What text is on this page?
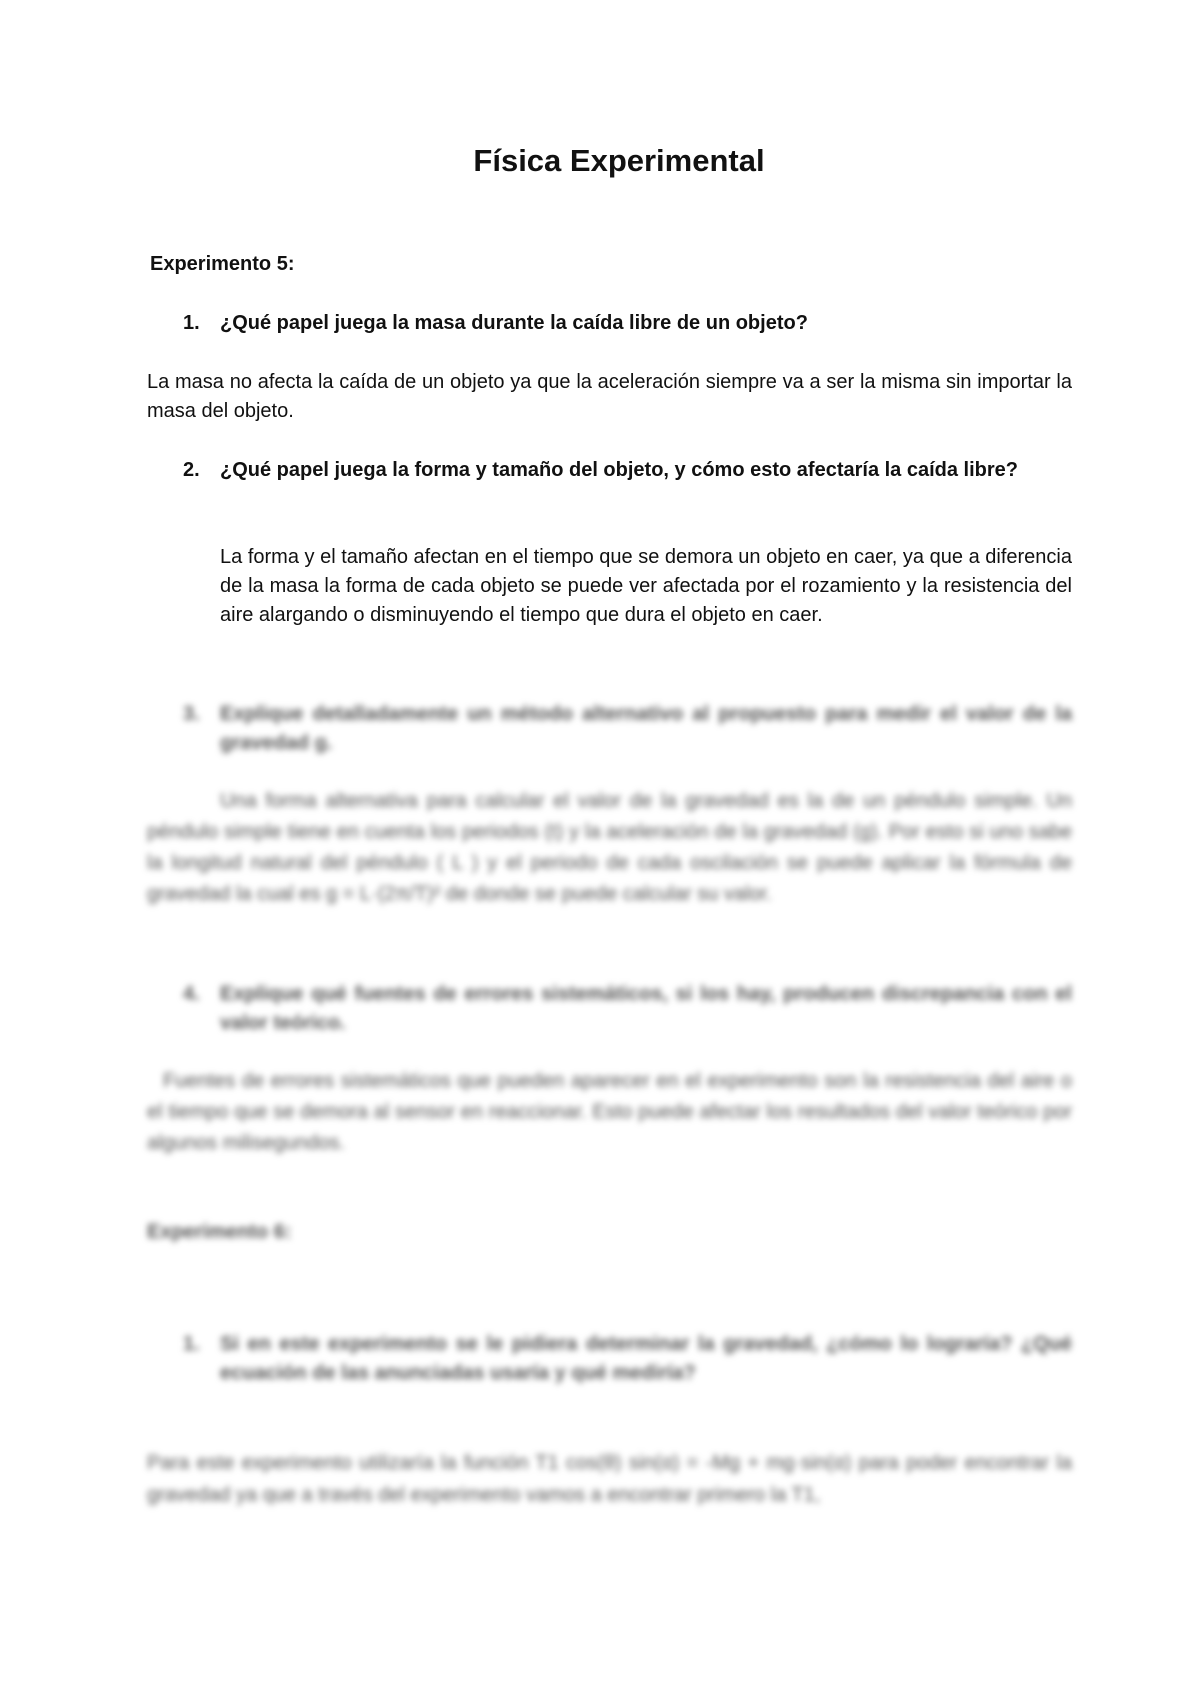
Física Experimental

Experimento 5:

1. ¿Qué papel juega la masa durante la caída libre de un objeto?

La masa no afecta la caída de un objeto ya que la aceleración siempre va a ser la misma sin importar la masa del objeto.

2. ¿Qué papel juega la forma y tamaño del objeto, y cómo esto afectaría la caída libre?

La forma y el tamaño afectan en el tiempo que se demora un objeto en caer, ya que a diferencia de la masa la forma de cada objeto se puede ver afectada por el rozamiento y la resistencia del aire alargando o disminuyendo el tiempo que dura el objeto en caer.

3. Explique detalladamente un método alternativo al propuesto para medir el valor de la gravedad g.

Una forma alternativa para calcular el valor de la gravedad es la de un péndulo simple. Un péndulo simple tiene en cuenta los periodos (t) y la aceleración de la gravedad (g). Por esto si uno sabe la longitud natural del péndulo ( L ) y el periodo de cada oscilación se puede aplicar la fórmula de gravedad la cual es g = L·(2π/T)² de donde se puede calcular su valor.

4. Explique qué fuentes de errores sistemáticos, si los hay, producen discrepancia con el valor teórico.

Fuentes de errores sistemáticos que pueden aparecer en el experimento son la resistencia del aire o el tiempo que se demora al sensor en reaccionar. Esto puede afectar los resultados del valor teórico por algunos milisegundos.

Experimento 6:

1. Si en este experimento se le pidiera determinar la gravedad, ¿cómo lo lograría? ¿Qué ecuación de las anunciadas usaría y qué mediría?

Para este experimento utilizaría la función T1 cos(θ) sin(α) = -Mg + mg·sin(α) para poder encontrar la gravedad ya que a través del experimento vamos a encontrar primero la T1,
